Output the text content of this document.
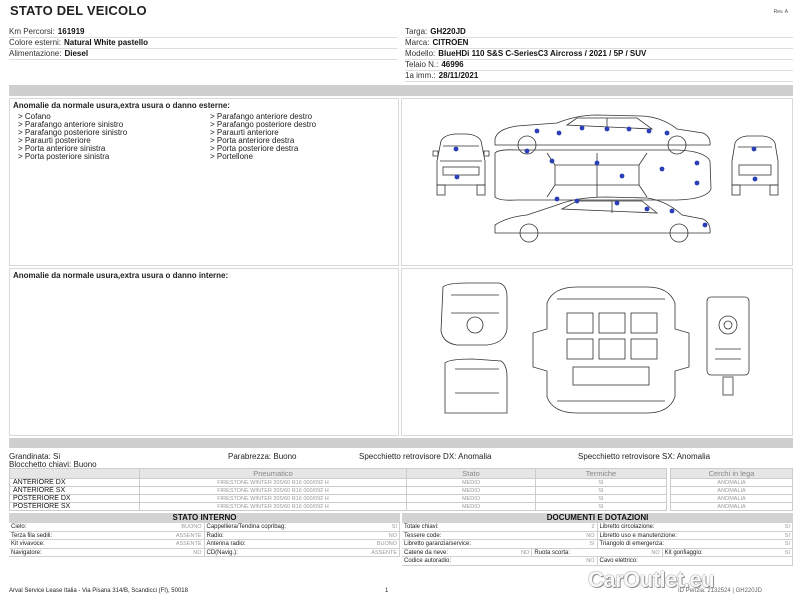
STATO DEL VEICOLO	Rev. A
Km Percorsi: 161919
Colore esterni: Natural White pastello
Alimentazione: Diesel
Targa: GH220JD
Marca: CITROEN
Modello: BlueHDi 110 S&S C-SeriesC3 Aircross / 2021 / 5P / SUV
Telaio N.: 46996
1a imm.: 28/11/2021
Anomalie da normale usura,extra usura o danno esterne:
> Cofano
> Parafango anteriore sinistro
> Parafango posteriore sinistro
> Paraurti posteriore
> Porta anteriore sinistra
> Porta posteriore sinistra
> Parafango anteriore destro
> Parafango posteriore destro
> Paraurti anteriore
> Porta anteriore destra
> Porta posteriore destra
> Portellone
Anomalie da normale usura,extra usura o danno interne:
Grandinata: Si	Parabrezza: Buono	Specchietto retrovisore DX: Anomalia	Specchietto retrovisore SX: Anomalia
Blocchetto chiavi: Buono
	Pneumatico	Stato	Termiche		Cerchi in lega
ANTERIORE DX	FIRESTONE WINTER 205/60 R16 000/092 H	MEDIO	SI		ANOMALIA
ANTERIORE SX	FIRESTONE WINTER 205/60 R16 000/092 H	MEDIO	SI		ANOMALIA
POSTERIORE DX	FIRESTONE WINTER 205/60 R16 000/092 H	MEDIO	SI		ANOMALIA
POSTERIORE SX	FIRESTONE WINTER 205/60 R16 000/092 H	MEDIO	SI		ANOMALIA
STATO INTERNO
Cielo:	BUONO Cappelliera/Tendina copribag:	SI
Terza fila sedili:	ASSENTE Radio:	NO
Kit vivavoce:	ASSENTE Antenna radio:	BUONO
Navigatore:	NO CD(Navig.):	ASSENTE
DOCUMENTI E DOTAZIONI
Totale chiavi:	2 Libretto circolazione:	SI
Tessere code:	NO Libretto uso e manutenzione:	SI
Libretto garanzia/service:	SI Triangolo di emergenza:	SI
Catene da neve:	NO Ruota scorta:	NO Kit gonfiaggio:	SI
Codice autoradio:	NO Cavo elettrico:
Arval Service Lease Italia - Via Pisana 314/B, Scandicci (FI), 50018	1	ID Perizia: 2132524 | GH220JD
CarOutlet.eu
